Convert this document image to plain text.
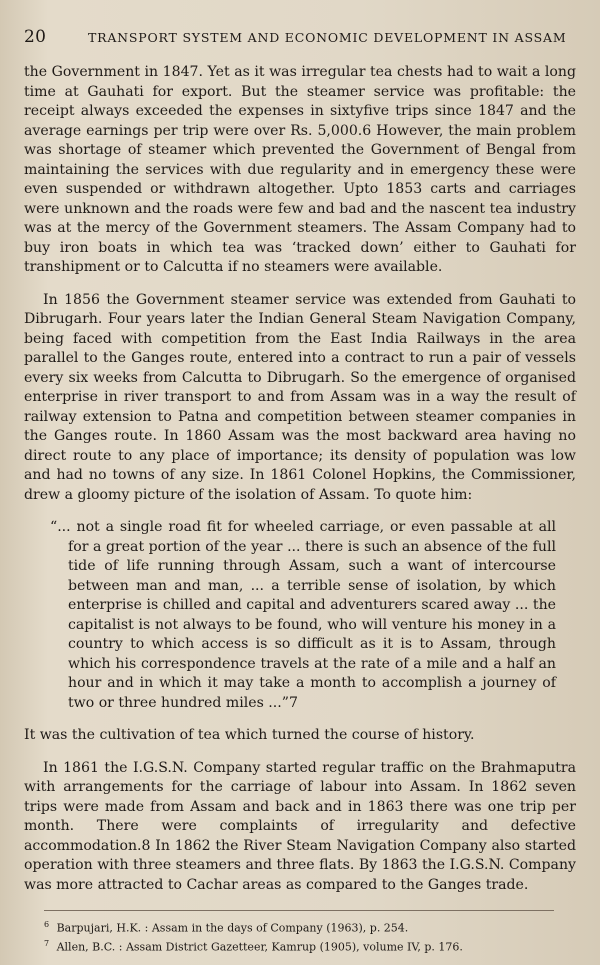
20	TRANSPORT SYSTEM AND ECONOMIC DEVELOPMENT IN ASSAM

the Government in 1847. Yet as it was irregular tea chests had to wait a long time at Gauhati for export. But the steamer service was profitable: the receipt always exceeded the expenses in sixtyfive trips since 1847 and the average earnings per trip were over Rs. 5,000.6 However, the main problem was shortage of steamer which prevented the Government of Bengal from maintaining the services with due regularity and in emergency these were even suspended or withdrawn altogether. Upto 1853 carts and carriages were unknown and the roads were few and bad and the nascent tea industry was at the mercy of the Government steamers. The Assam Company had to buy iron boats in which tea was ‘tracked down’ either to Gauhati for transhipment or to Calcutta if no steamers were available.

In 1856 the Government steamer service was extended from Gauhati to Dibrugarh. Four years later the Indian General Steam Navigation Company, being faced with competition from the East India Railways in the area parallel to the Ganges route, entered into a contract to run a pair of vessels every six weeks from Calcutta to Dibrugarh. So the emergence of organised enterprise in river transport to and from Assam was in a way the result of railway extension to Patna and competition between steamer companies in the Ganges route. In 1860 Assam was the most backward area having no direct route to any place of importance; its density of population was low and had no towns of any size. In 1861 Colonel Hopkins, the Commissioner, drew a gloomy picture of the isolation of Assam. To quote him:

“... not a single road fit for wheeled carriage, or even passable at all for a great portion of the year ... there is such an absence of the full tide of life running through Assam, such a want of intercourse between man and man, ... a terrible sense of isolation, by which enterprise is chilled and capital and adventurers scared away ... the capitalist is not always to be found, who will venture his money in a country to which access is so difficult as it is to Assam, through which his correspondence travels at the rate of a mile and a half an hour and in which it may take a month to accomplish a journey of two or three hundred miles ...”7

It was the cultivation of tea which turned the course of history.

In 1861 the I.G.S.N. Company started regular traffic on the Brahmaputra with arrangements for the carriage of labour into Assam. In 1862 seven trips were made from Assam and back and in 1863 there was one trip per month. There were complaints of irregularity and defective accommodation.8 In 1862 the River Steam Navigation Company also started operation with three steamers and three flats. By 1863 the I.G.S.N. Company was more attracted to Cachar areas as compared to the Ganges trade.

$^6$ Barpujari, H.K. : Assam in the days of Company (1963), p. 254.
$^7$ Allen, B.C. : Assam District Gazetteer, Kamrup (1905), volume IV, p. 176.
